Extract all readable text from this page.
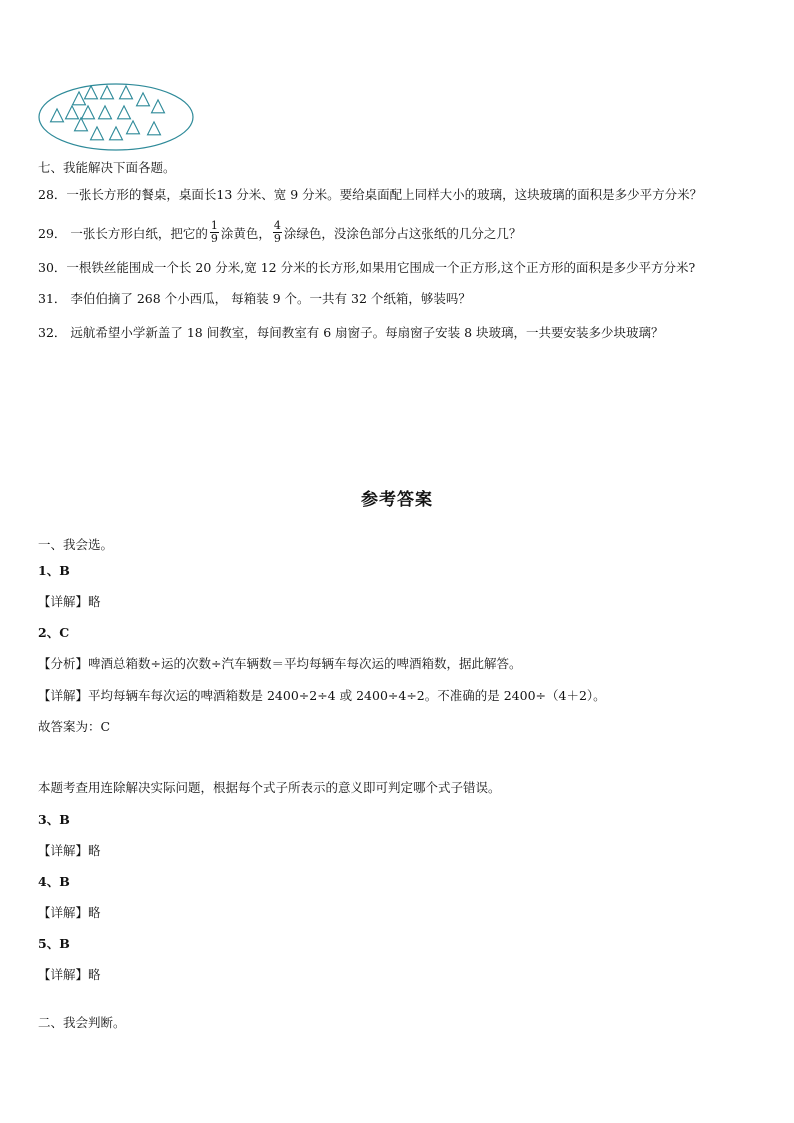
七、我能解决下面各题。
28．一张长方形的餐桌，桌面长13 分米、宽 9 分米。要给桌面配上同样大小的玻璃，这块玻璃的面积是多少平方分米？
29． 一张长方形白纸，把它的 $\frac{1}{9}$ 涂黄色， $\frac{4}{9}$ 涂绿色，没涂色部分占这张纸的几分之几？
30．一根铁丝能围成一个长 20 分米,宽 12 分米的长方形,如果用它围成一个正方形,这个正方形的面积是多少平方分米?
31． 李伯伯摘了 268 个小西瓜， 每箱装 9 个。一共有 32 个纸箱，够装吗？
32． 远航希望小学新盖了 18 间教室，每间教室有 6 扇窗子。每扇窗子安装 8 块玻璃，一共要安装多少块玻璃？
参考答案
一、我会选。
1、B
【详解】略
2、C
【分析】啤酒总箱数÷运的次数÷汽车辆数＝平均每辆车每次运的啤酒箱数，据此解答。
【详解】平均每辆车每次运的啤酒箱数是 2400÷2÷4 或 2400÷4÷2。不准确的是 2400÷（4＋2）。
故答案为：C
本题考查用连除解决实际问题，根据每个式子所表示的意义即可判定哪个式子错误。
3、B
【详解】略
4、B
【详解】略
5、B
【详解】略
二、我会判断。
